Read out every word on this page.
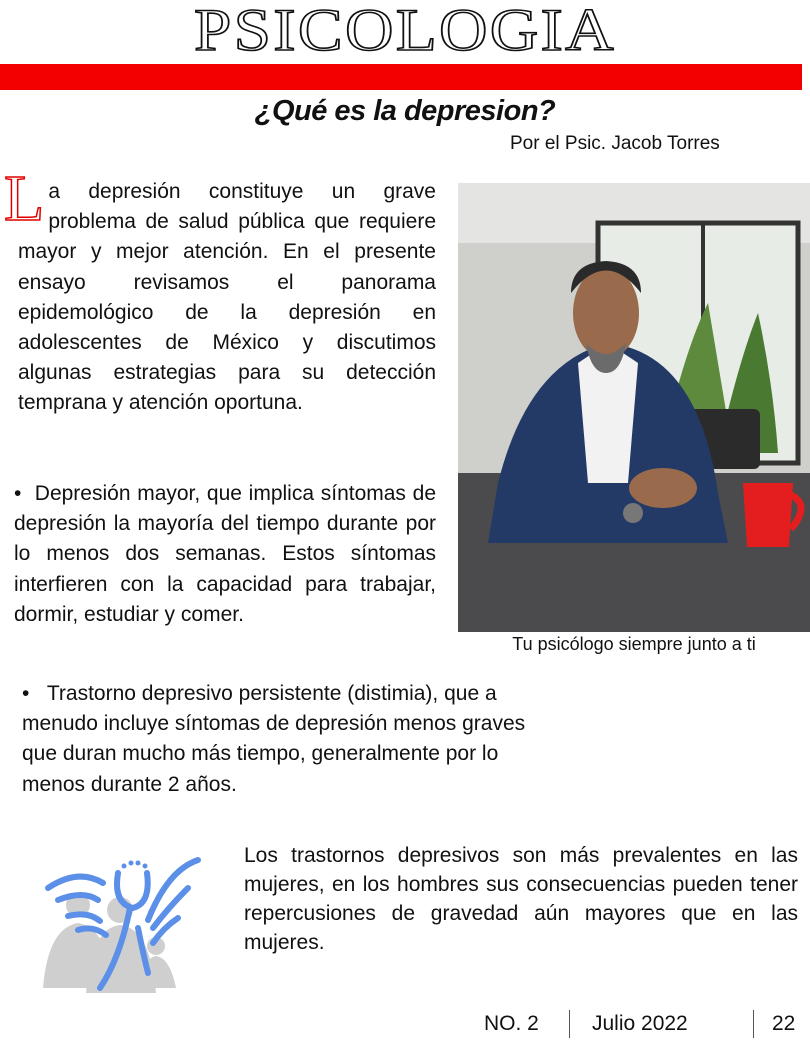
PSICOLOGIA
¿Qué es la depresion?
Por el Psic. Jacob Torres
La depresión constituye un grave problema de salud pública que requiere mayor y mejor atención. En el presente ensayo revisamos el panorama epidemológico de la depresión en adolescentes de México y discutimos algunas estrategias para su detección temprana y atención oportuna.
• Depresión mayor, que implica síntomas de depresión la mayoría del tiempo durante por lo menos dos semanas. Estos síntomas interfieren con la capacidad para trabajar, dormir, estudiar y comer.
• Trastorno depresivo persistente (distimia), que a menudo incluye síntomas de depresión menos graves que duran mucho más tiempo, generalmente por lo menos durante 2 años.
Tu psicólogo siempre junto a ti
Los trastornos depresivos son más prevalentes en las mujeres, en los hombres sus consecuencias pueden tener repercusiones de gravedad aún mayores que en las mujeres.
NO. 2	Julio 2022	22
